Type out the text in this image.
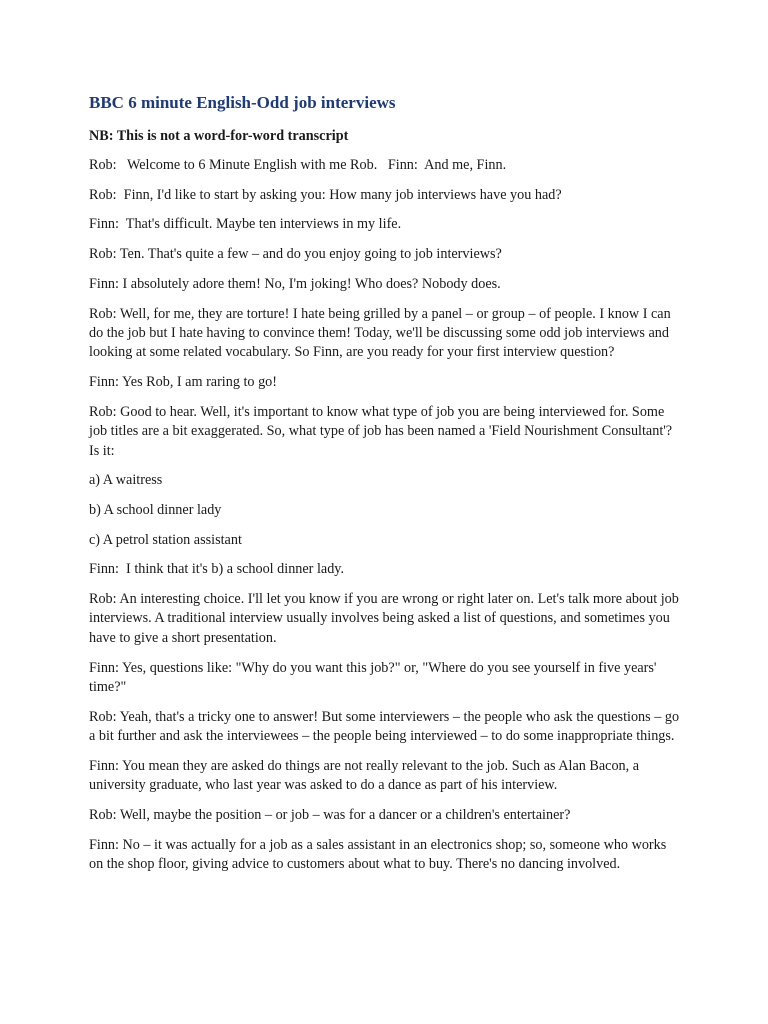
BBC 6 minute English-Odd job interviews
NB: This is not a word-for-word transcript

Rob:   Welcome to 6 Minute English with me Rob.   Finn:  And me, Finn.

Rob:  Finn, I'd like to start by asking you: How many job interviews have you had?

Finn:  That's difficult. Maybe ten interviews in my life.

Rob: Ten. That's quite a few – and do you enjoy going to job interviews?

Finn: I absolutely adore them! No, I'm joking! Who does? Nobody does.

Rob: Well, for me, they are torture! I hate being grilled by a panel – or group – of people. I know I can do the job but I hate having to convince them! Today, we'll be discussing some odd job interviews and looking at some related vocabulary. So Finn, are you ready for your first interview question?

Finn: Yes Rob, I am raring to go!

Rob: Good to hear. Well, it's important to know what type of job you are being interviewed for. Some job titles are a bit exaggerated. So, what type of job has been named a 'Field Nourishment Consultant'? Is it:

a) A waitress

b) A school dinner lady

c) A petrol station assistant

Finn:  I think that it's b) a school dinner lady.

Rob: An interesting choice. I'll let you know if you are wrong or right later on. Let's talk more about job interviews. A traditional interview usually involves being asked a list of questions, and sometimes you have to give a short presentation.

Finn: Yes, questions like: "Why do you want this job?" or, "Where do you see yourself in five years' time?"

Rob: Yeah, that's a tricky one to answer! But some interviewers – the people who ask the questions – go a bit further and ask the interviewees – the people being interviewed – to do some inappropriate things.

Finn: You mean they are asked do things are not really relevant to the job. Such as Alan Bacon, a university graduate, who last year was asked to do a dance as part of his interview.

Rob: Well, maybe the position – or job – was for a dancer or a children's entertainer?

Finn: No – it was actually for a job as a sales assistant in an electronics shop; so, someone who works on the shop floor, giving advice to customers about what to buy. There's no dancing involved.
